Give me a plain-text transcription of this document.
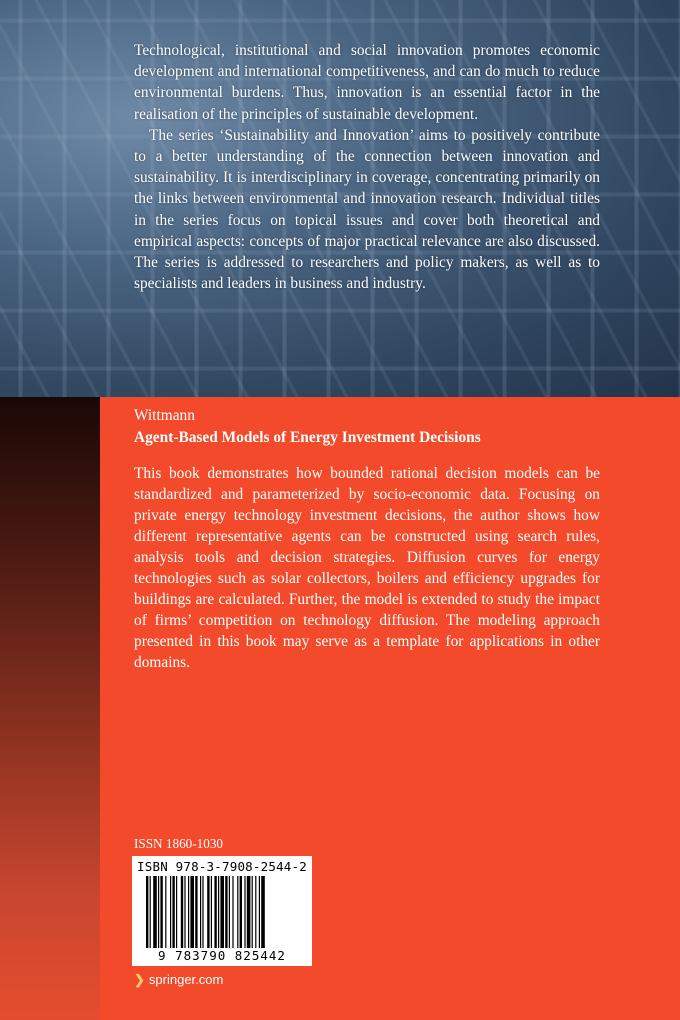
Technological, institutional and social innovation promotes economic development and international competitiveness, and can do much to reduce environmental burdens. Thus, innovation is an essential factor in the realisation of the principles of sustainable development.

The series ‘Sustainability and Innovation’ aims to positively contribute to a better understanding of the connection between innovation and sustainability. It is interdisciplinary in coverage, concentrating primarily on the links between environmental and innovation research. Individual titles in the series focus on topical issues and cover both theoretical and empirical aspects: concepts of major practical relevance are also discussed. The series is addressed to researchers and policy makers, as well as to specialists and leaders in business and industry.

Wittmann
Agent-Based Models of Energy Investment Decisions
This book demonstrates how bounded rational decision models can be standardized and parameterized by socio-economic data. Focusing on private energy technology investment decisions, the author shows how different representative agents can be constructed using search rules, analysis tools and decision strategies. Diffusion curves for energy technologies such as solar collectors, boilers and efficiency upgrades for buildings are calculated. Further, the model is extended to study the impact of firms’ competition on technology diffusion. The modeling approach presented in this book may serve as a template for applications in other domains.
ISSN 1860-1030
ISBN 978-3-7908-2544-2
9 783790 825442
❯ springer.com
